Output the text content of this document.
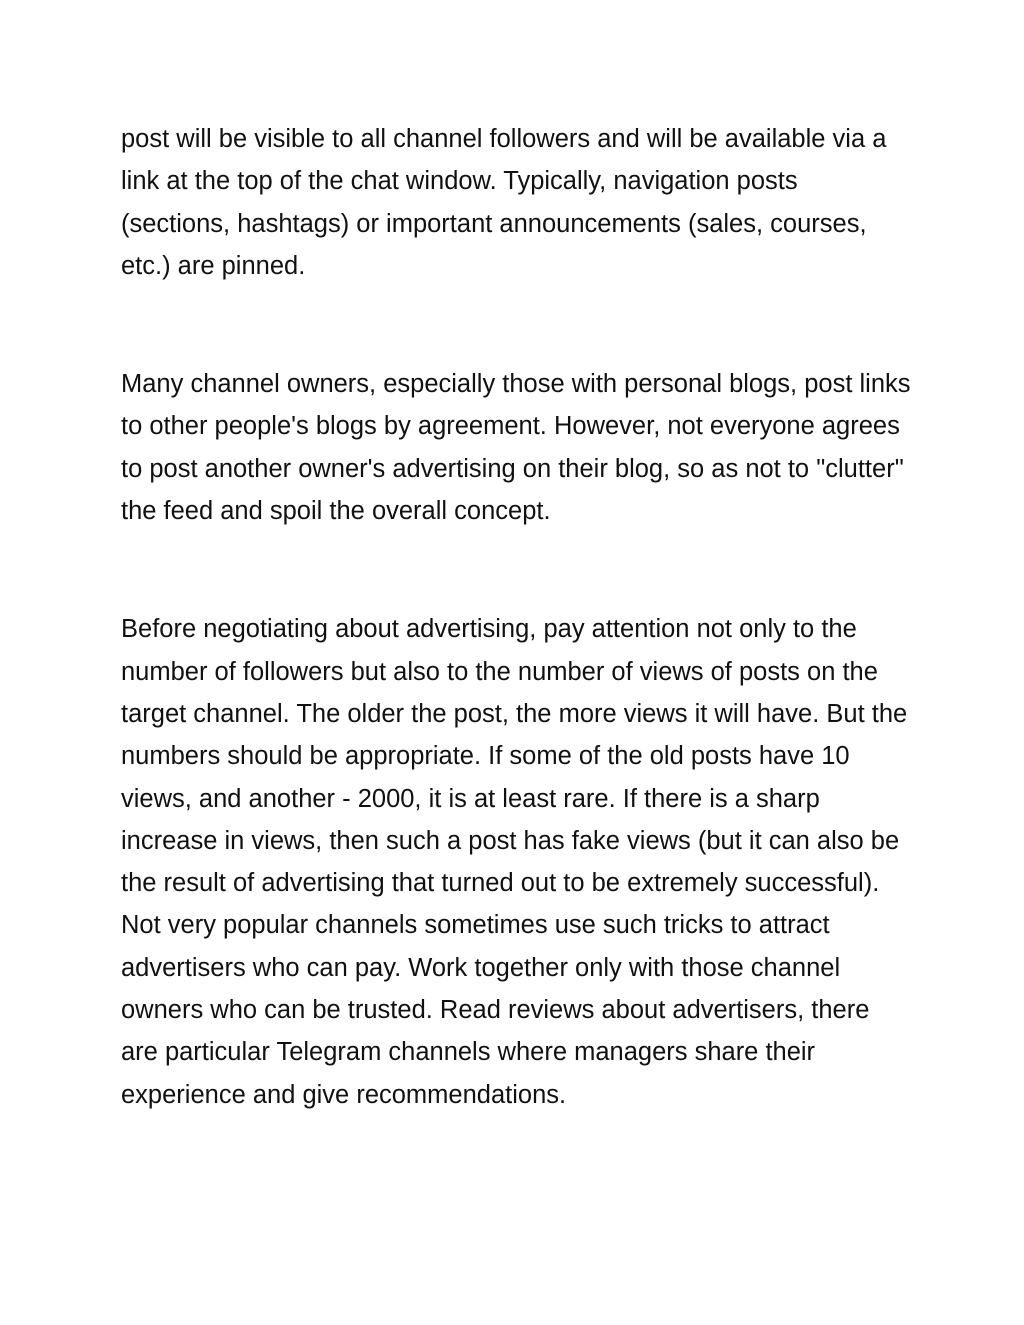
post will be visible to all channel followers and will be available via a link at the top of the chat window. Typically, navigation posts (sections, hashtags) or important announcements (sales, courses, etc.) are pinned.

Many channel owners, especially those with personal blogs, post links to other people's blogs by agreement. However, not everyone agrees to post another owner's advertising on their blog, so as not to "clutter" the feed and spoil the overall concept.

Before negotiating about advertising, pay attention not only to the number of followers but also to the number of views of posts on the target channel. The older the post, the more views it will have. But the numbers should be appropriate. If some of the old posts have 10 views, and another - 2000, it is at least rare. If there is a sharp increase in views, then such a post has fake views (but it can also be the result of advertising that turned out to be extremely successful). Not very popular channels sometimes use such tricks to attract advertisers who can pay. Work together only with those channel owners who can be trusted. Read reviews about advertisers, there are particular Telegram channels where managers share their experience and give recommendations.
